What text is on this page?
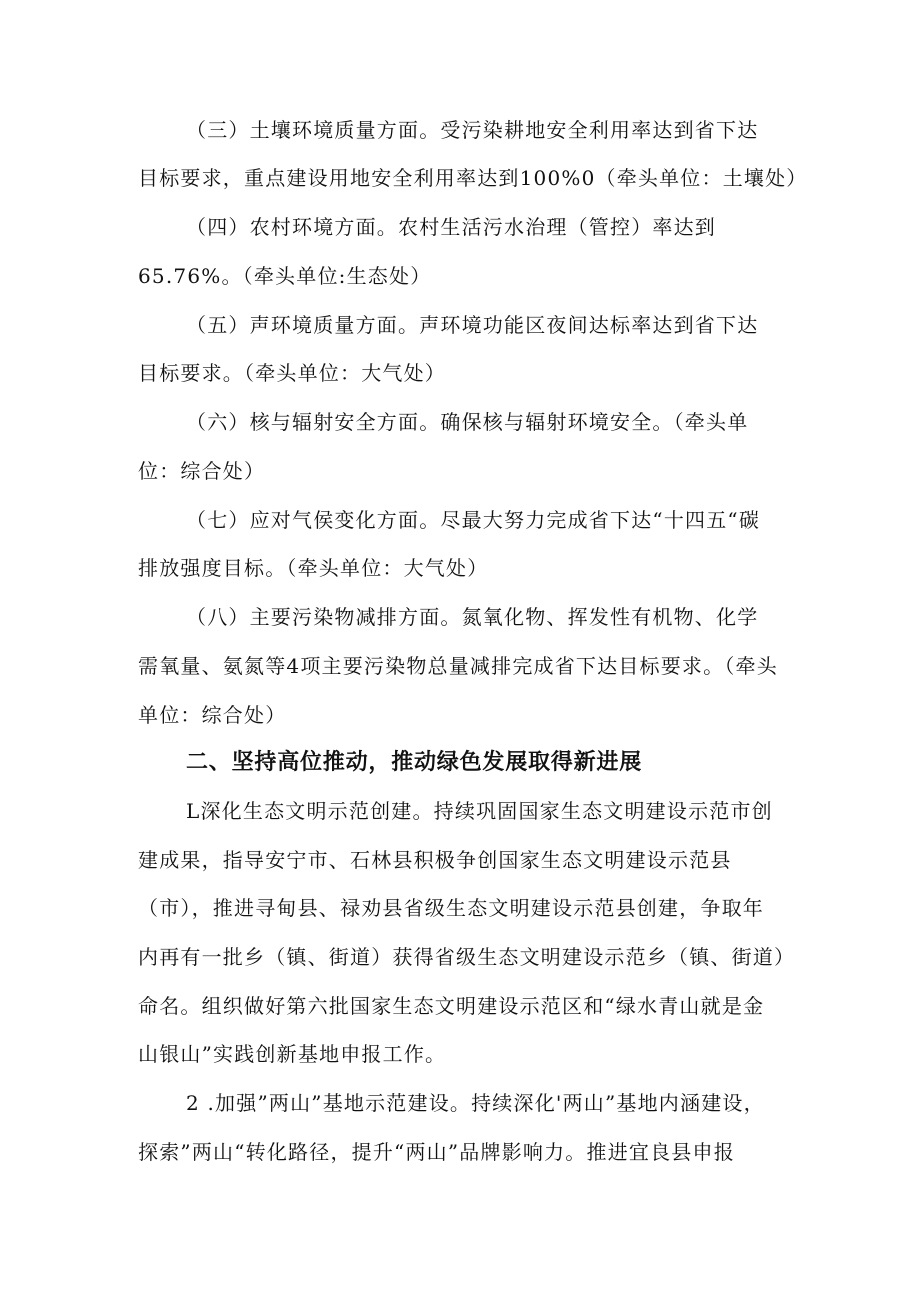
（三）土壤环境质量方面。受污染耕地安全利用率达到省下达
目标要求，重点建设用地安全利用率达到100%0（牵头单位：土壤处）
（四）农村环境方面。农村生活污水治理（管控）率达到
65.76%。（牵头单位:生态处）
（五）声环境质量方面。声环境功能区夜间达标率达到省下达
目标要求。（牵头单位：大气处）
（六）核与辐射安全方面。确保核与辐射环境安全。（牵头单
位：综合处）
（七）应对气侯变化方面。尽最大努力完成省下达“十四五“碳
排放强度目标。（牵头单位：大气处）
（八）主要污染物减排方面。氮氧化物、挥发性有机物、化学
需氧量、氨氮等4项主要污染物总量减排完成省下达目标要求。（牵头
单位：综合处）
二、坚持高位推动，推动绿色发展取得新进展
L深化生态文明示范创建。持续巩固国家生态文明建设示范市创
建成果，指导安宁市、石林县积极争创国家生态文明建设示范县
（市），推进寻甸县、禄劝县省级生态文明建设示范县创建，争取年
内再有一批乡（镇、街道）获得省级生态文明建设示范乡（镇、街道）
命名。组织做好第六批国家生态文明建设示范区和“绿水青山就是金
山银山”实践创新基地申报工作。
2 .加强”两山”基地示范建设。持续深化'两山”基地内涵建设，
探索”两山“转化路径，提升“两山”品牌影响力。推进宜良县申报
